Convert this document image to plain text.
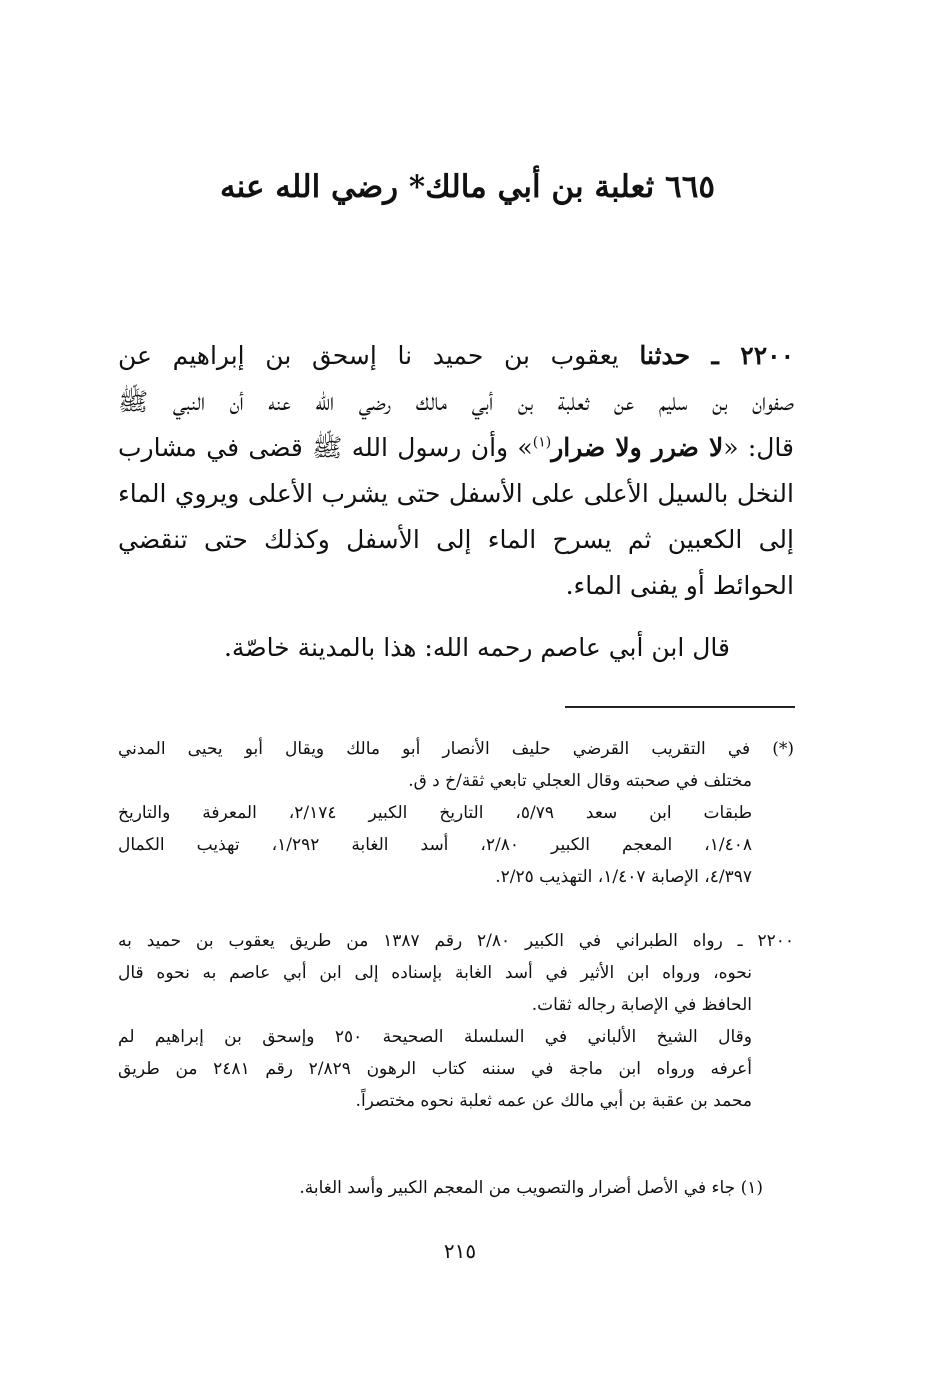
٦٦٥ ثعلبة بن أبي مالك* رضي الله عنه
٢٢٠٠ ـ حدثنا يعقوب بن حميد نا إسحق بن إبراهيم عن
صفوان بن سليم عن ثعلبة بن أبي مالك رضي الله عنه أن النبي ﷺ
قال: «لا ضرر ولا ضرار$^{(١)}$» وأن رسول الله ﷺ قضى في مشارب
النخل بالسيل الأعلى على الأسفل حتى يشرب الأعلى ويروي الماء
إلى الكعبين ثم يسرح الماء إلى الأسفل وكذلك حتى تنقضي
الحوائط أو يفنى الماء.
قال ابن أبي عاصم رحمه الله: هذا بالمدينة خاصّة.
(*) في التقريب القرضي حليف الأنصار أبو مالك ويقال أبو يحيى المدني
مختلف في صحبته وقال العجلي تابعي ثقة/خ د ق.
طبقات ابن سعد ٥/٧٩، التاريخ الكبير ٢/١٧٤، المعرفة والتاريخ
١/٤٠٨، المعجم الكبير ٢/٨٠، أسد الغابة ١/٢٩٢، تهذيب الكمال
٤/٣٩٧، الإصابة ١/٤٠٧، التهذيب ٢/٢٥.
٢٢٠٠ ـ رواه الطبراني في الكبير ٢/٨٠ رقم ١٣٨٧ من طريق يعقوب بن حميد به
نحوه، ورواه ابن الأثير في أسد الغابة بإسناده إلى ابن أبي عاصم به نحوه قال
الحافظ في الإصابة رجاله ثقات.
وقال الشيخ الألباني في السلسلة الصحيحة ٢٥٠ وإسحق بن إبراهيم لم
أعرفه ورواه ابن ماجة في سننه كتاب الرهون ٢/٨٢٩ رقم ٢٤٨١ من طريق
محمد بن عقبة بن أبي مالك عن عمه ثعلبة نحوه مختصراً.
(١) جاء في الأصل أضرار والتصويب من المعجم الكبير وأسد الغابة.
٢١٥
